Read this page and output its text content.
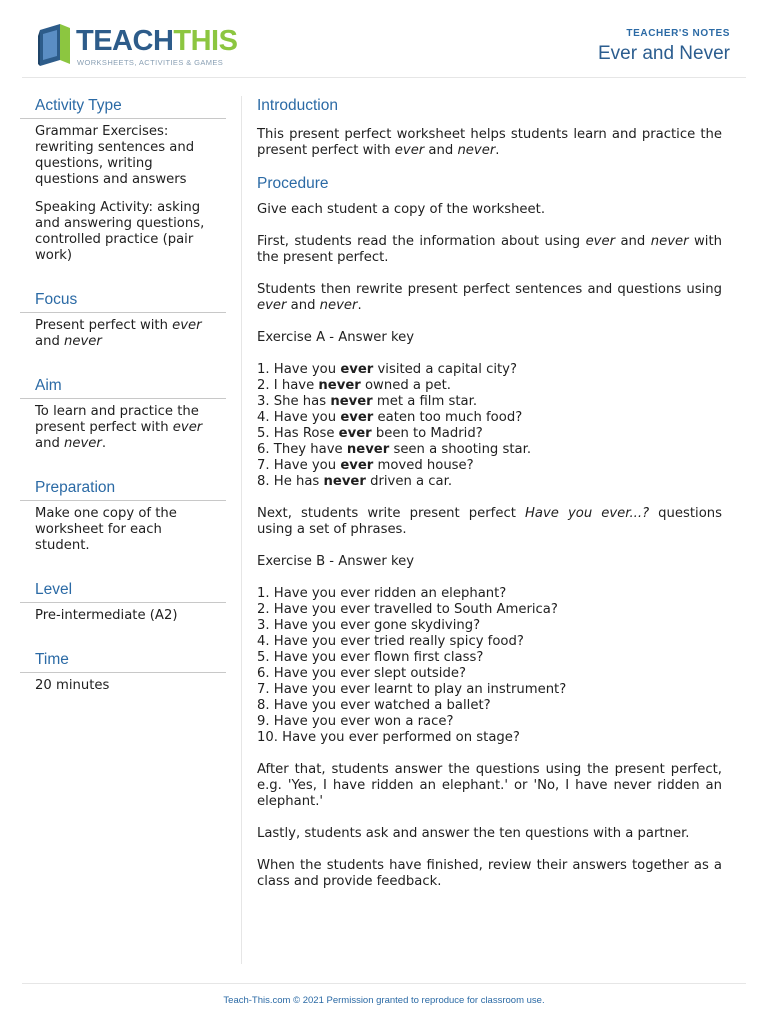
TEACHTHIS
WORKSHEETS, ACTIVITIES & GAMES
TEACHER'S NOTES
Ever and Never
Activity Type

Grammar Exercises: rewriting sentences and questions, writing questions and answers

Speaking Activity: asking and answering questions, controlled practice (pair work)

Focus

Present perfect with ever and never

Aim

To learn and practice the present perfect with ever and never.

Preparation

Make one copy of the worksheet for each student.

Level

Pre-intermediate (A2)

Time

20 minutes

Introduction

This present perfect worksheet helps students learn and practice the present perfect with ever and never.

Procedure

Give each student a copy of the worksheet.

First, students read the information about using ever and never with the present perfect.

Students then rewrite present perfect sentences and questions using ever and never.

Exercise A - Answer key

1. Have you ever visited a capital city?
2. I have never owned a pet.
3. She has never met a film star.
4. Have you ever eaten too much food?
5. Has Rose ever been to Madrid?
6. They have never seen a shooting star.
7. Have you ever moved house?
8. He has never driven a car.

Next, students write present perfect Have you ever...? questions using a set of phrases.

Exercise B - Answer key

1. Have you ever ridden an elephant?
2. Have you ever travelled to South America?
3. Have you ever gone skydiving?
4. Have you ever tried really spicy food?
5. Have you ever flown first class?
6. Have you ever slept outside?
7. Have you ever learnt to play an instrument?
8. Have you ever watched a ballet?
9. Have you ever won a race?
10. Have you ever performed on stage?

After that, students answer the questions using the present perfect, e.g. 'Yes, I have ridden an elephant.' or 'No, I have never ridden an elephant.'

Lastly, students ask and answer the ten questions with a partner.

When the students have finished, review their answers together as a class and provide feedback.

Teach-This.com © 2021 Permission granted to reproduce for classroom use.
